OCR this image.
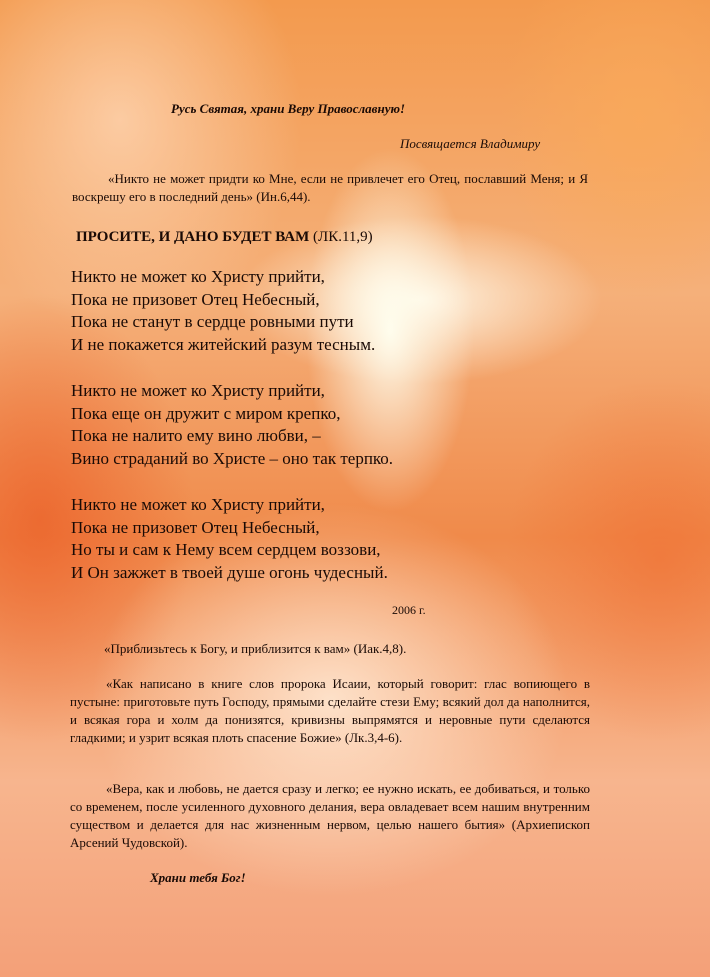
Русь Святая, храни Веру Православную!

Посвящается Владимиру

«Никто не может придти ко Мне, если не привлечет его Отец, пославший Меня; и Я воскрешу его в последний день» (Ин.6,44).

ПРОСИТЕ, И ДАНО БУДЕТ ВАМ (ЛК.11,9)
Никто не может ко Христу прийти,
Пока не призовет Отец Небесный,
Пока не станут в сердце ровными пути
И не покажется житейский разум тесным.
Никто не может ко Христу прийти,
Пока еще он дружит с миром крепко,
Пока не налито ему вино любви, –
Вино страданий во Христе – оно так терпко.
Никто не может ко Христу прийти,
Пока не призовет Отец Небесный,
Но ты и сам к Нему всем сердцем воззови,
И Он зажжет в твоей душе огонь чудесный.

2006 г.

«Приблизьтесь к Богу, и приблизится к вам» (Иак.4,8).

«Как написано в книге слов пророка Исаии, который говорит: глас вопиющего в пустыне: приготовьте путь Господу, прямыми сделайте стези Ему; всякий дол да наполнится, и всякая гора и холм да понизятся, кривизны выпрямятся и неровные пути сделаются гладкими; и узрит всякая плоть спасение Божие» (Лк.3,4-6).

«Вера, как и любовь, не дается сразу и легко; ее нужно искать, ее добиваться, и только со временем, после усиленного духовного делания, вера овладевает всем нашим внутренним существом и делается для нас жизненным нервом, целью нашего бытия» (Архиепископ Арсений Чудовской).

Храни тебя Бог!
